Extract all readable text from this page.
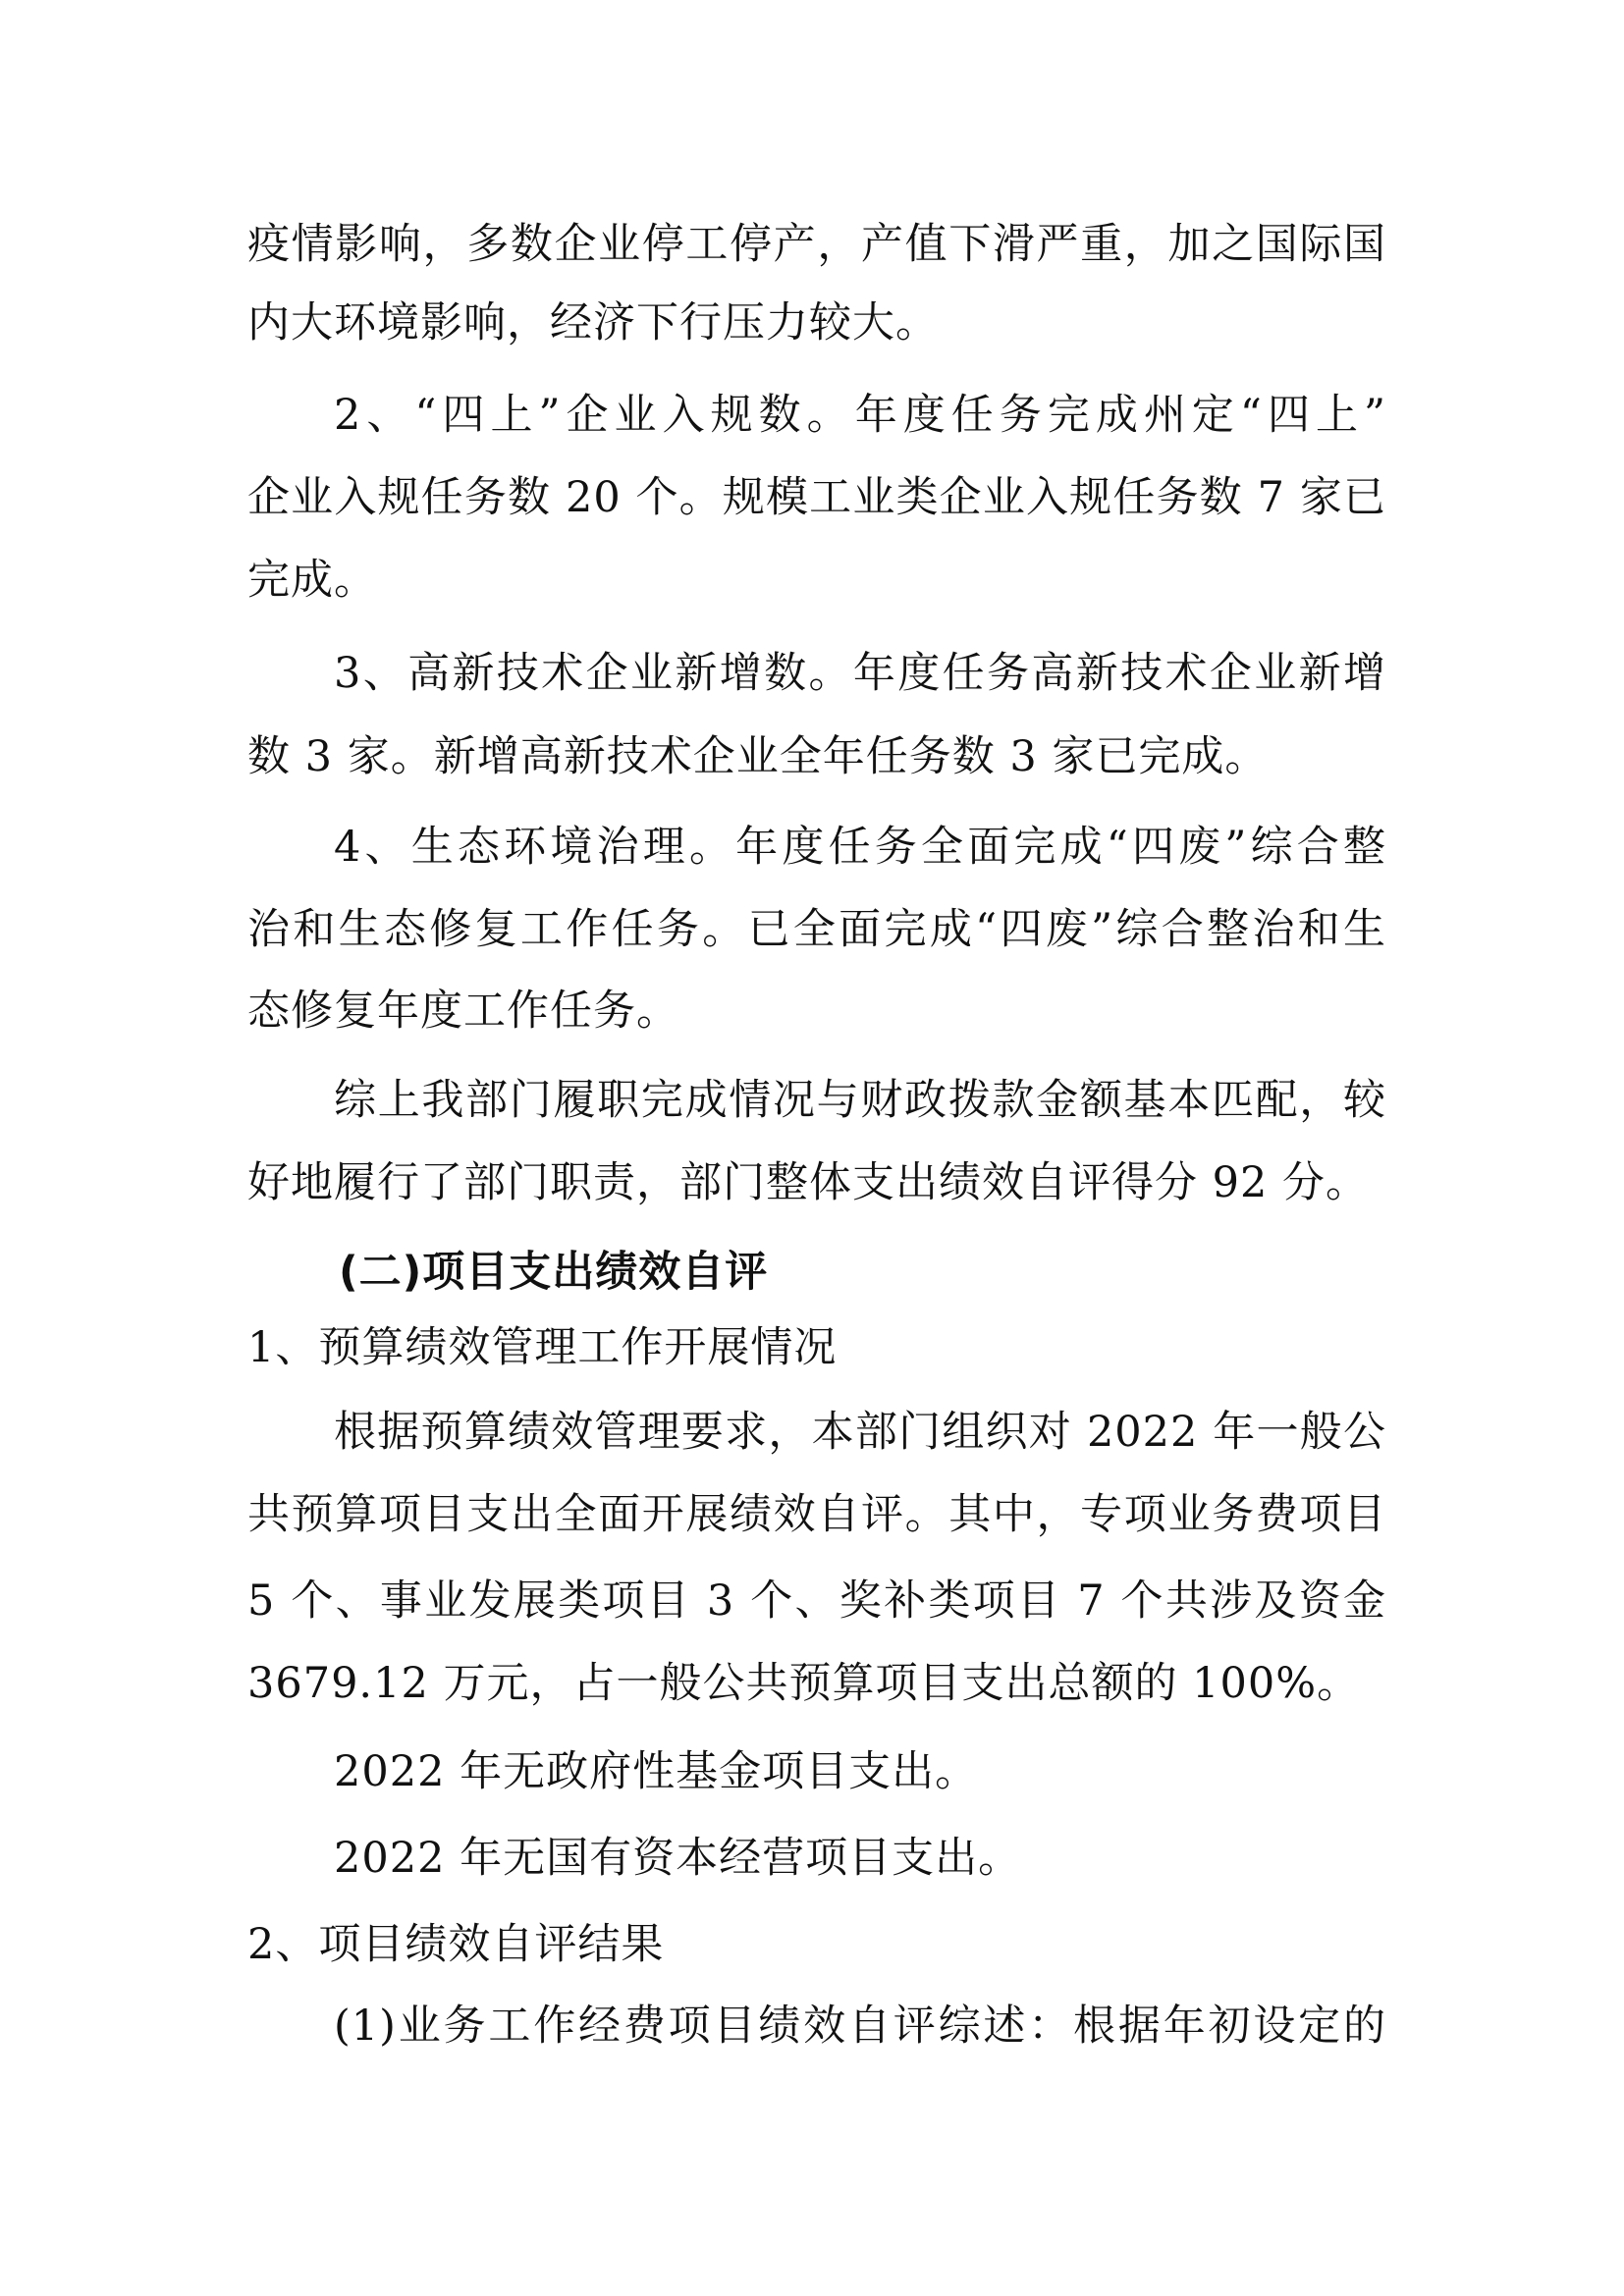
疫情影响，多数企业停工停产，产值下滑严重，加之国际国
内大环境影响，经济下行压力较大。
2、“四上”企业入规数。年度任务完成州定“四上”
企业入规任务数 20 个。规模工业类企业入规任务数 7 家已
完成。
3、高新技术企业新增数。年度任务高新技术企业新增
数 3 家。新增高新技术企业全年任务数 3 家已完成。
4、生态环境治理。年度任务全面完成“四废”综合整
治和生态修复工作任务。已全面完成“四废”综合整治和生
态修复年度工作任务。
综上我部门履职完成情况与财政拨款金额基本匹配，较
好地履行了部门职责，部门整体支出绩效自评得分 92 分。
(二)项目支出绩效自评
1、预算绩效管理工作开展情况
根据预算绩效管理要求，本部门组织对 2022 年一般公
共预算项目支出全面开展绩效自评。其中，专项业务费项目
5 个、事业发展类项目 3 个、奖补类项目 7 个共涉及资金
3679.12 万元，占一般公共预算项目支出总额的 100%。
2022 年无政府性基金项目支出。
2022 年无国有资本经营项目支出。
2、项目绩效自评结果
(1)业务工作经费项目绩效自评综述：根据年初设定的
